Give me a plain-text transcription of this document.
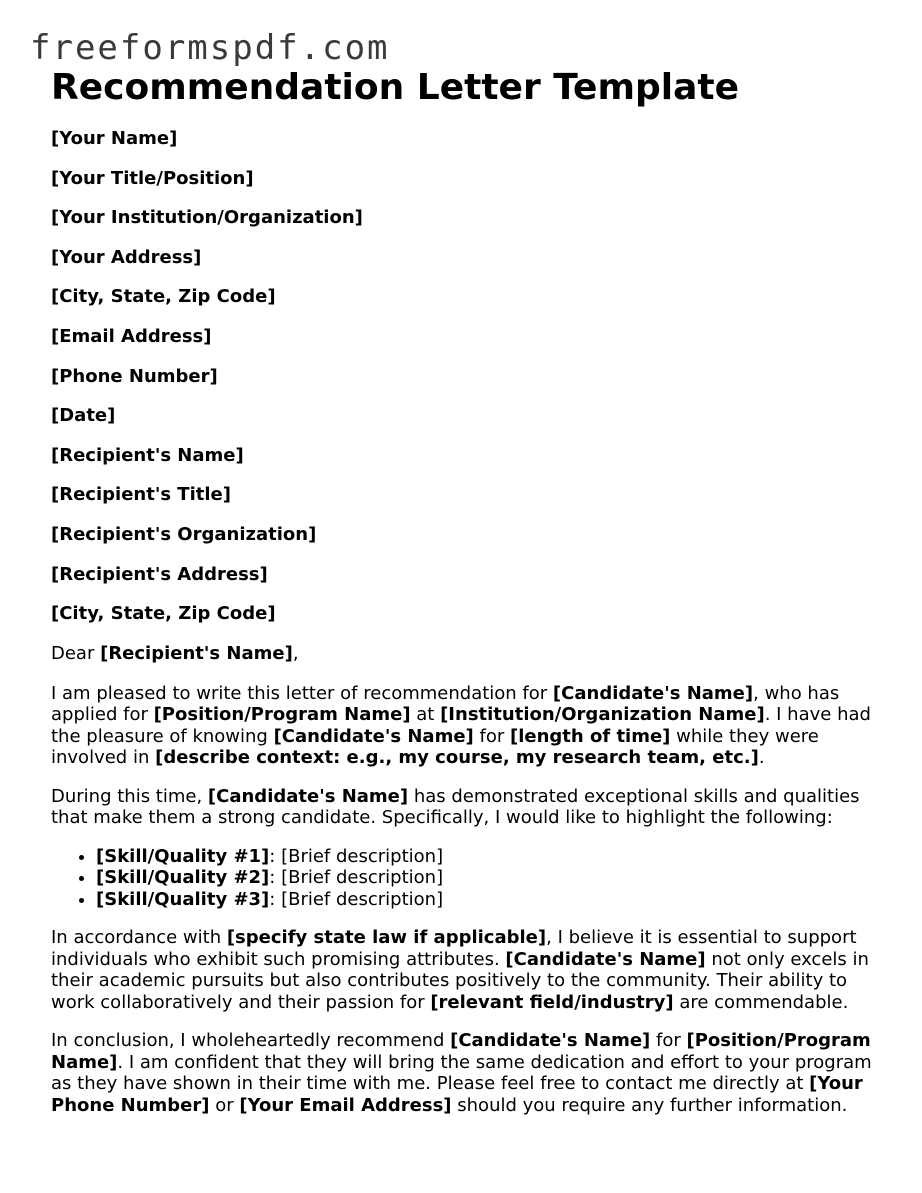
freeformspdf.com
Recommendation Letter Template
[Your Name]
[Your Title/Position]
[Your Institution/Organization]
[Your Address]
[City, State, Zip Code]
[Email Address]
[Phone Number]
[Date]
[Recipient's Name]
[Recipient's Title]
[Recipient's Organization]
[Recipient's Address]
[City, State, Zip Code]
Dear [Recipient's Name],

I am pleased to write this letter of recommendation for [Candidate's Name], who has applied for [Position/Program Name] at [Institution/Organization Name]. I have had the pleasure of knowing [Candidate's Name] for [length of time] while they were involved in [describe context: e.g., my course, my research team, etc.].

During this time, [Candidate's Name] has demonstrated exceptional skills and qualities that make them a strong candidate. Specifically, I would like to highlight the following:

• [Skill/Quality #1]: [Brief description]
• [Skill/Quality #2]: [Brief description]
• [Skill/Quality #3]: [Brief description]

In accordance with [specify state law if applicable], I believe it is essential to support individuals who exhibit such promising attributes. [Candidate's Name] not only excels in their academic pursuits but also contributes positively to the community. Their ability to work collaboratively and their passion for [relevant field/industry] are commendable.

In conclusion, I wholeheartedly recommend [Candidate's Name] for [Position/Program Name]. I am confident that they will bring the same dedication and effort to your program as they have shown in their time with me. Please feel free to contact me directly at [Your Phone Number] or [Your Email Address] should you require any further information.
